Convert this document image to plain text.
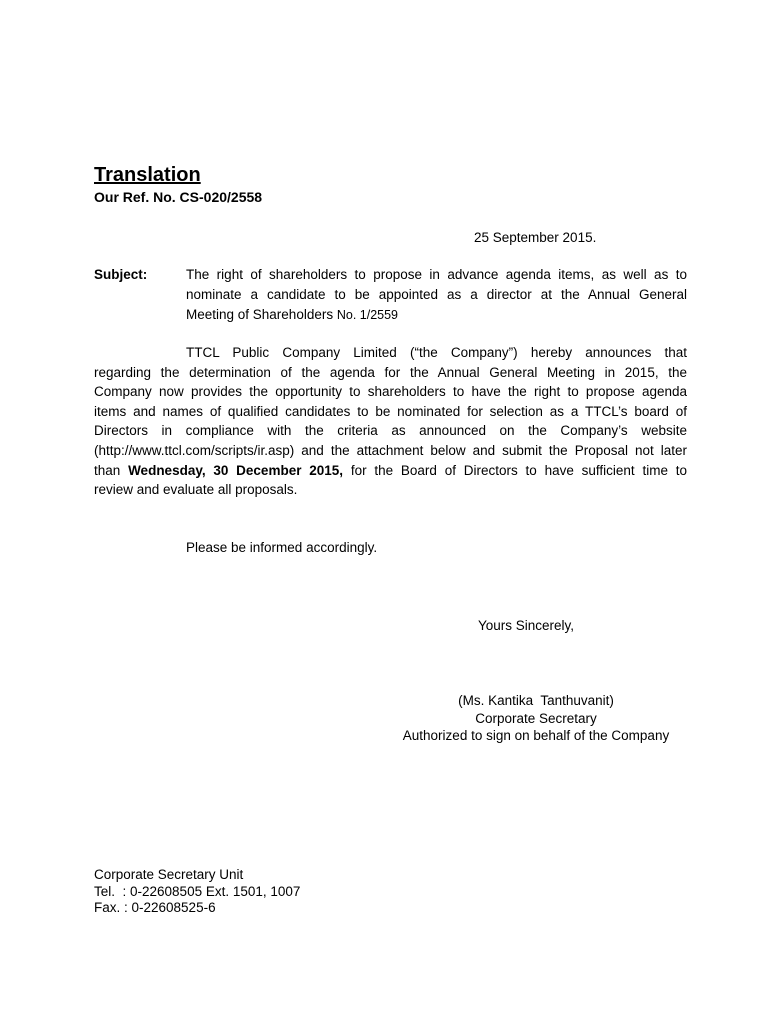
Translation
Our Ref. No. CS-020/2558
25 September 2015.
Subject:	The right of shareholders to propose in advance agenda items, as well as to
nominate a candidate to be appointed as a director at the Annual General
Meeting of Shareholders No. 1/2559
TTCL Public Company Limited (“the Company”) hereby announces that
regarding the determination of the agenda for the Annual General Meeting in 2015, the
Company now provides the opportunity to shareholders to have the right to propose agenda
items and names of qualified candidates to be nominated for selection as a TTCL’s board of
Directors in compliance with the criteria as announced on the Company’s website
(http://www.ttcl.com/scripts/ir.asp) and the attachment below and submit the Proposal not later
than Wednesday, 30 December 2015, for the Board of Directors to have sufficient time to
review and evaluate all proposals.
Please be informed accordingly.
Yours Sincerely,
(Ms. Kantika  Tanthuvanit)
Corporate Secretary
Authorized to sign on behalf of the Company
Corporate Secretary Unit
Tel.  : 0-22608505 Ext. 1501, 1007
Fax. : 0-22608525-6
